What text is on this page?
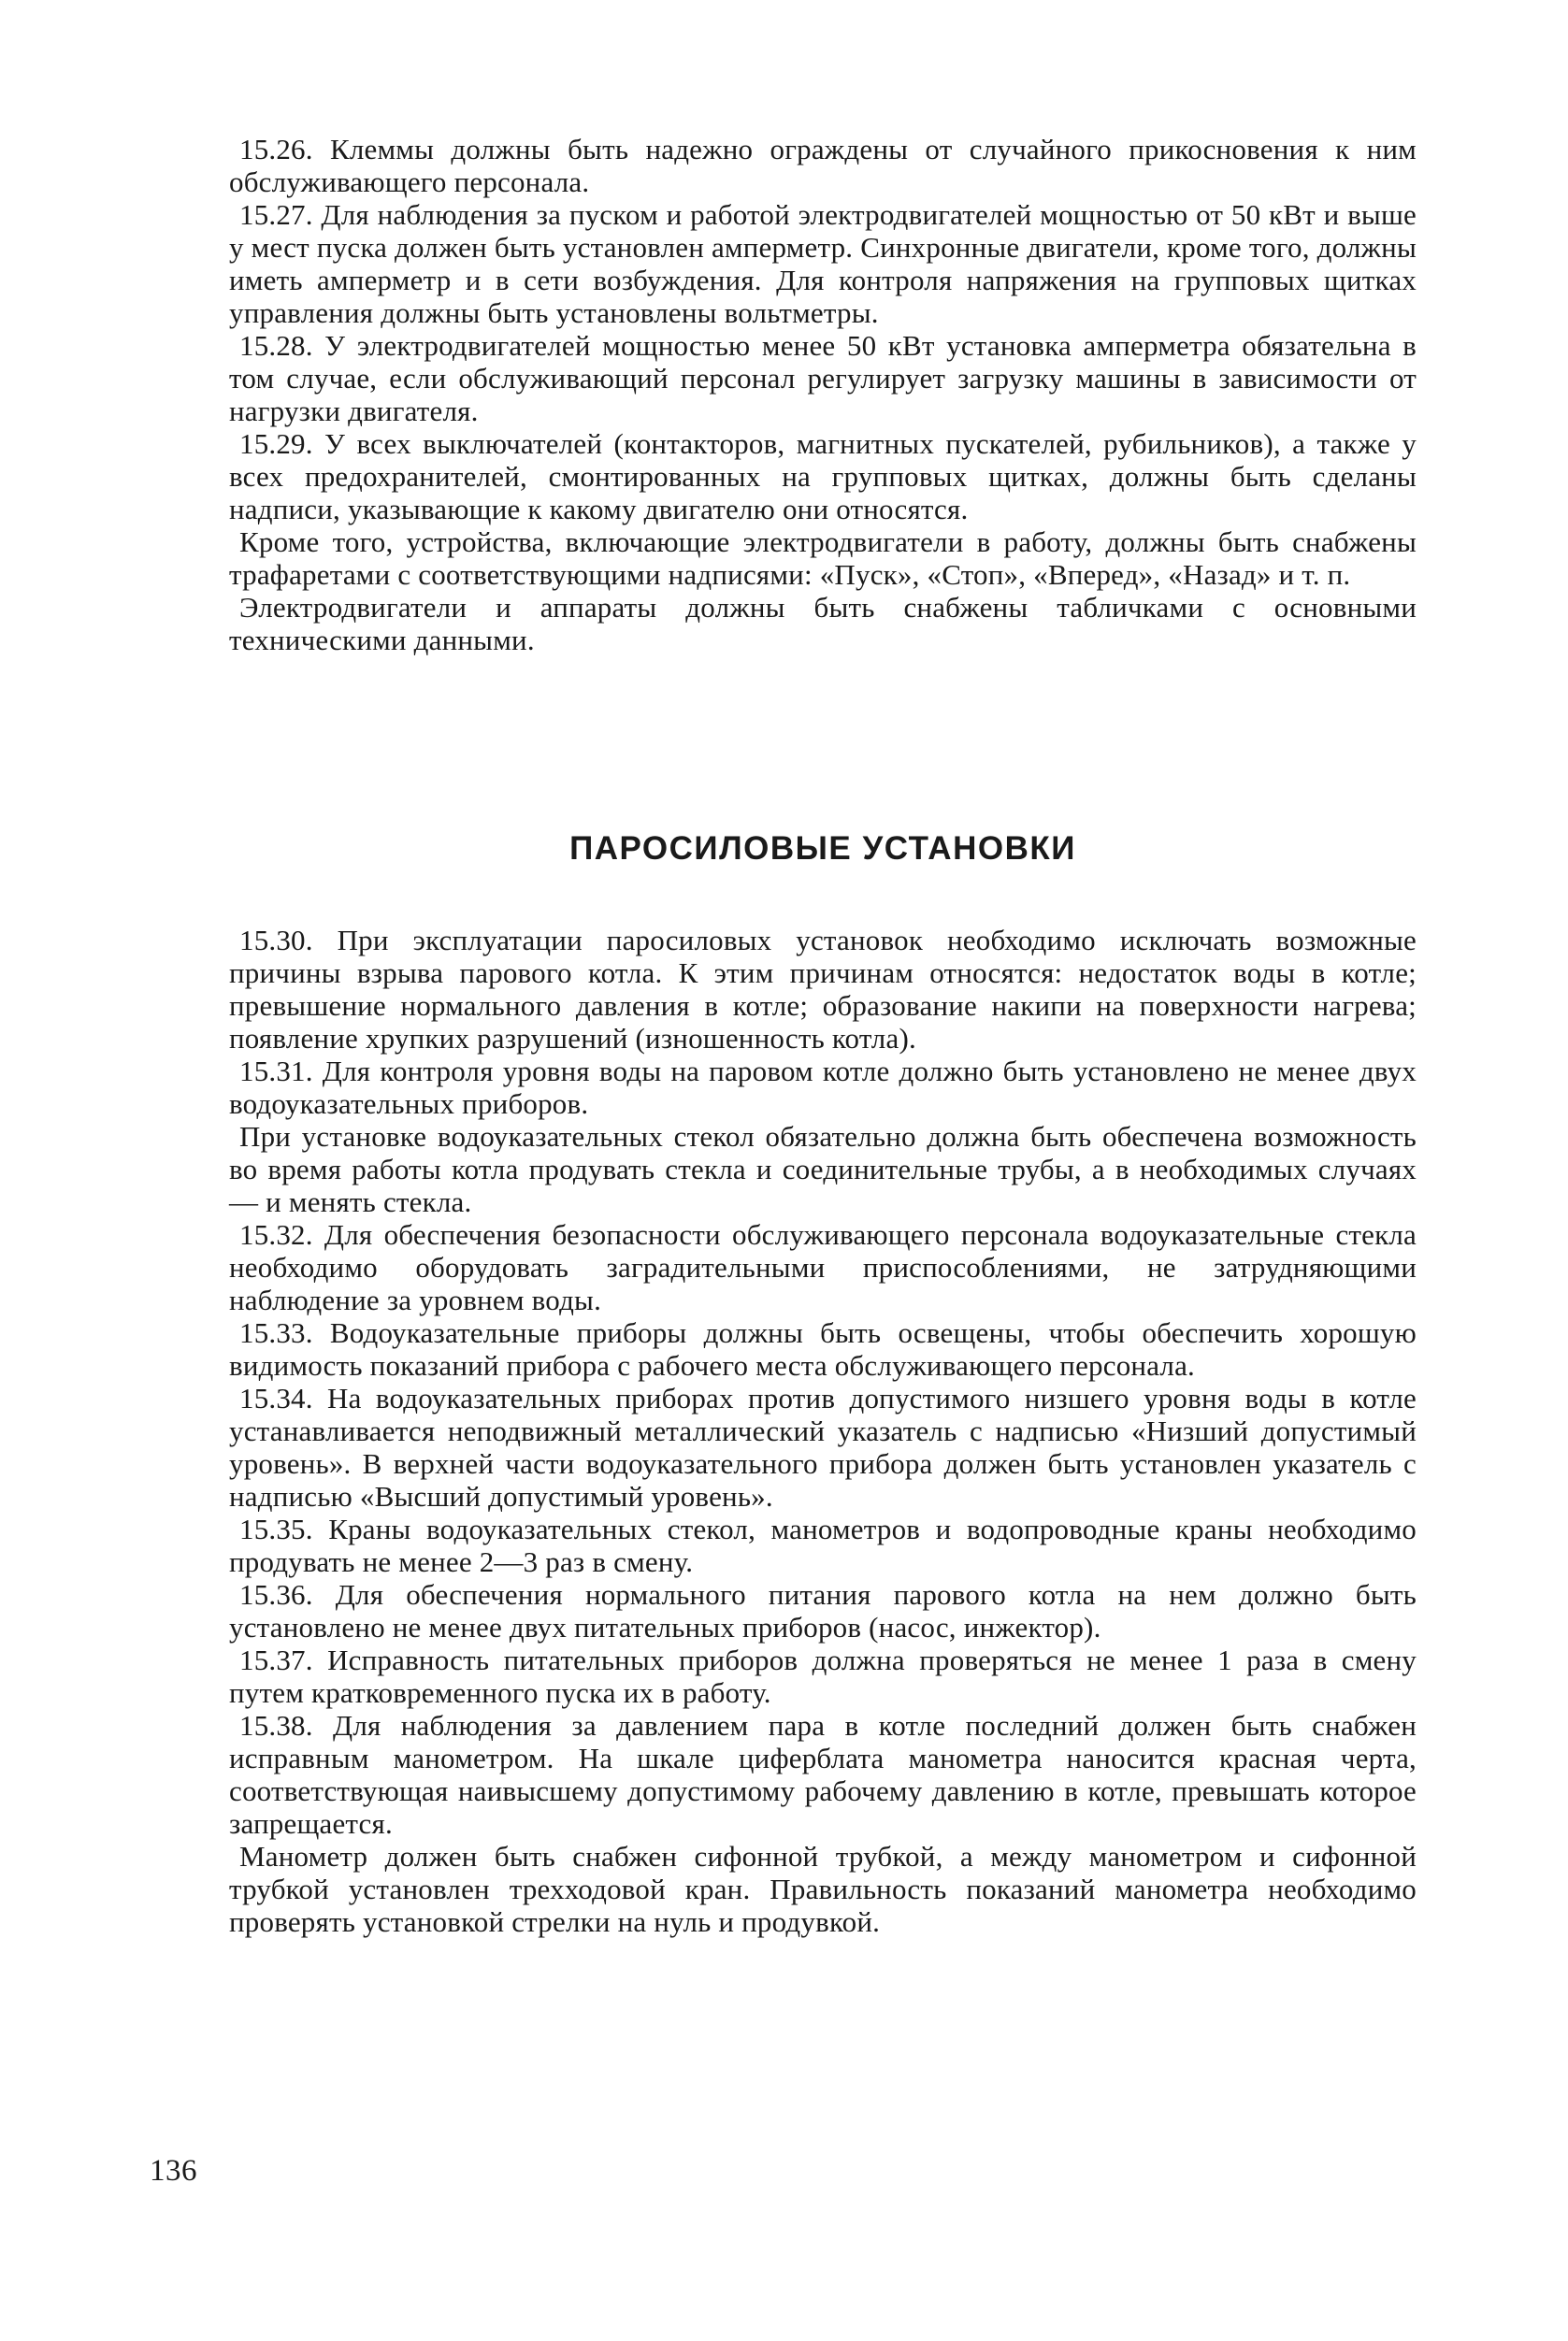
15.26. Клеммы должны быть надежно ограждены от случайного прикосновения к ним обслуживающего персонала.

15.27. Для наблюдения за пуском и работой электродвигателей мощностью от 50 кВт и выше у мест пуска должен быть установлен амперметр. Синхронные двигатели, кроме того, должны иметь амперметр и в сети возбуждения. Для контроля напряжения на групповых щитках управления должны быть установлены вольтметры.

15.28. У электродвигателей мощностью менее 50 кВт установка амперметра обязательна в том случае, если обслуживающий персонал регулирует загрузку машины в зависимости от нагрузки двигателя.

15.29. У всех выключателей (контакторов, магнитных пускателей, рубильников), а также у всех предохранителей, смонтированных на групповых щитках, должны быть сделаны надписи, указывающие к какому двигателю они относятся.

Кроме того, устройства, включающие электродвигатели в работу, должны быть снабжены трафаретами с соответствующими надписями: «Пуск», «Стоп», «Вперед», «Назад» и т. п.

Электродвигатели и аппараты должны быть снабжены табличками с основными техническими данными.

ПАРОСИЛОВЫЕ УСТАНОВКИ

15.30. При эксплуатации паросиловых установок необходимо исключать возможные причины взрыва парового котла. К этим причинам относятся: недостаток воды в котле; превышение нормального давления в котле; образование накипи на поверхности нагрева; появление хрупких разрушений (изношенность котла).

15.31. Для контроля уровня воды на паровом котле должно быть установлено не менее двух водоуказательных приборов.

При установке водоуказательных стекол обязательно должна быть обеспечена возможность во время работы котла продувать стекла и соединительные трубы, а в необходимых случаях — и менять стекла.

15.32. Для обеспечения безопасности обслуживающего персонала водоуказательные стекла необходимо оборудовать заградительными приспособлениями, не затрудняющими наблюдение за уровнем воды.

15.33. Водоуказательные приборы должны быть освещены, чтобы обеспечить хорошую видимость показаний прибора с рабочего места обслуживающего персонала.

15.34. На водоуказательных приборах против допустимого низшего уровня воды в котле устанавливается неподвижный металлический указатель с надписью «Низший допустимый уровень». В верхней части водоуказательного прибора должен быть установлен указатель с надписью «Высший допустимый уровень».

15.35. Краны водоуказательных стекол, манометров и водопроводные краны необходимо продувать не менее 2—3 раз в смену.

15.36. Для обеспечения нормального питания парового котла на нем должно быть установлено не менее двух питательных приборов (насос, инжектор).

15.37. Исправность питательных приборов должна проверяться не менее 1 раза в смену путем кратковременного пуска их в работу.

15.38. Для наблюдения за давлением пара в котле последний должен быть снабжен исправным манометром. На шкале циферблата манометра наносится красная черта, соответствующая наивысшему допустимому рабочему давлению в котле, превышать которое запрещается.

Манометр должен быть снабжен сифонной трубкой, а между манометром и сифонной трубкой установлен трехходовой кран. Правильность показаний манометра необходимо проверять установкой стрелки на нуль и продувкой.

136
